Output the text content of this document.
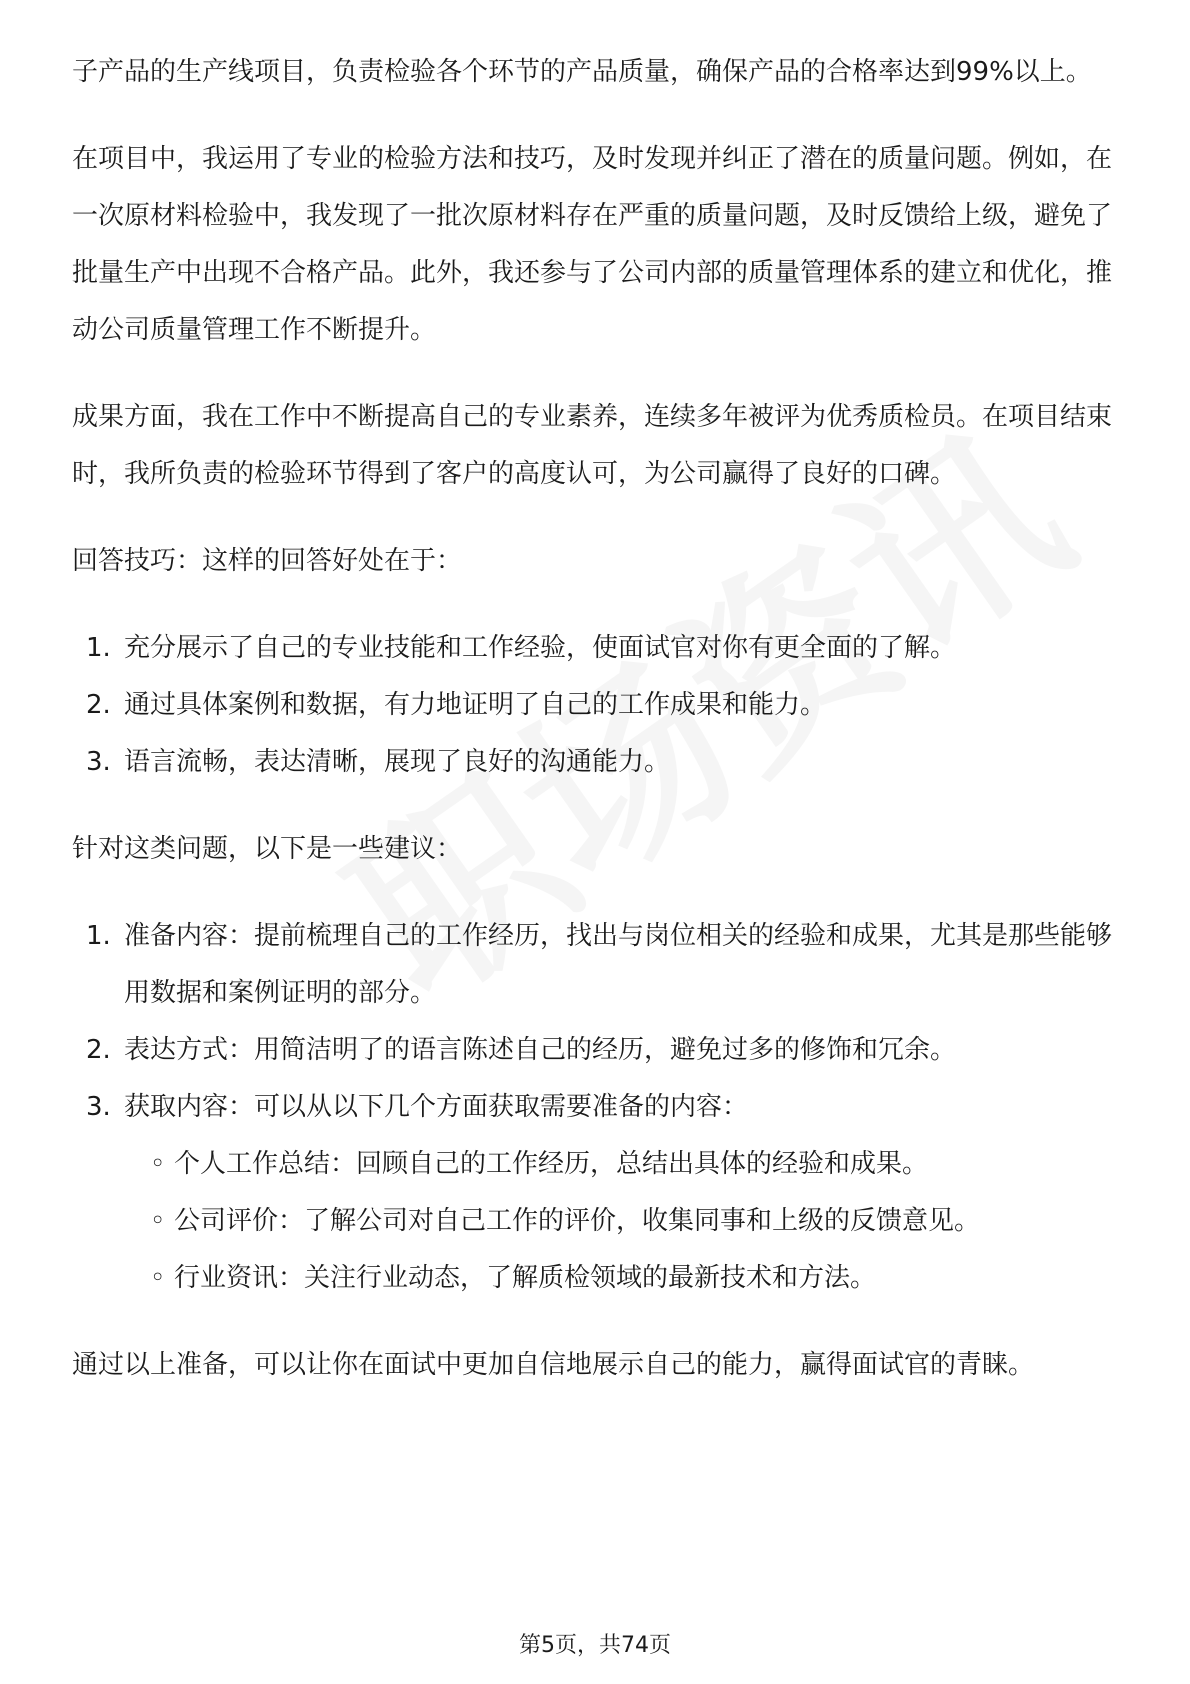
子产品的生产线项目，负责检验各个环节的产品质量，确保产品的合格率达到99%以上。

在项目中，我运用了专业的检验方法和技巧，及时发现并纠正了潜在的质量问题。例如，在一次原材料检验中，我发现了一批次原材料存在严重的质量问题，及时反馈给上级，避免了批量生产中出现不合格产品。此外，我还参与了公司内部的质量管理体系的建立和优化，推动公司质量管理工作不断提升。

成果方面，我在工作中不断提高自己的专业素养，连续多年被评为优秀质检员。在项目结束时，我所负责的检验环节得到了客户的高度认可，为公司赢得了良好的口碑。

回答技巧：这样的回答好处在于：

1. 充分展示了自己的专业技能和工作经验，使面试官对你有更全面的了解。
2. 通过具体案例和数据，有力地证明了自己的工作成果和能力。
3. 语言流畅，表达清晰，展现了良好的沟通能力。

针对这类问题，以下是一些建议：

1. 准备内容：提前梳理自己的工作经历，找出与岗位相关的经验和成果，尤其是那些能够用数据和案例证明的部分。
2. 表达方式：用简洁明了的语言陈述自己的经历，避免过多的修饰和冗余。
3. 获取内容：可以从以下几个方面获取需要准备的内容：
◦ 个人工作总结：回顾自己的工作经历，总结出具体的经验和成果。
◦ 公司评价：了解公司对自己工作的评价，收集同事和上级的反馈意见。
◦ 行业资讯：关注行业动态，了解质检领域的最新技术和方法。

通过以上准备，可以让你在面试中更加自信地展示自己的能力，赢得面试官的青睐。

第5页，共74页
